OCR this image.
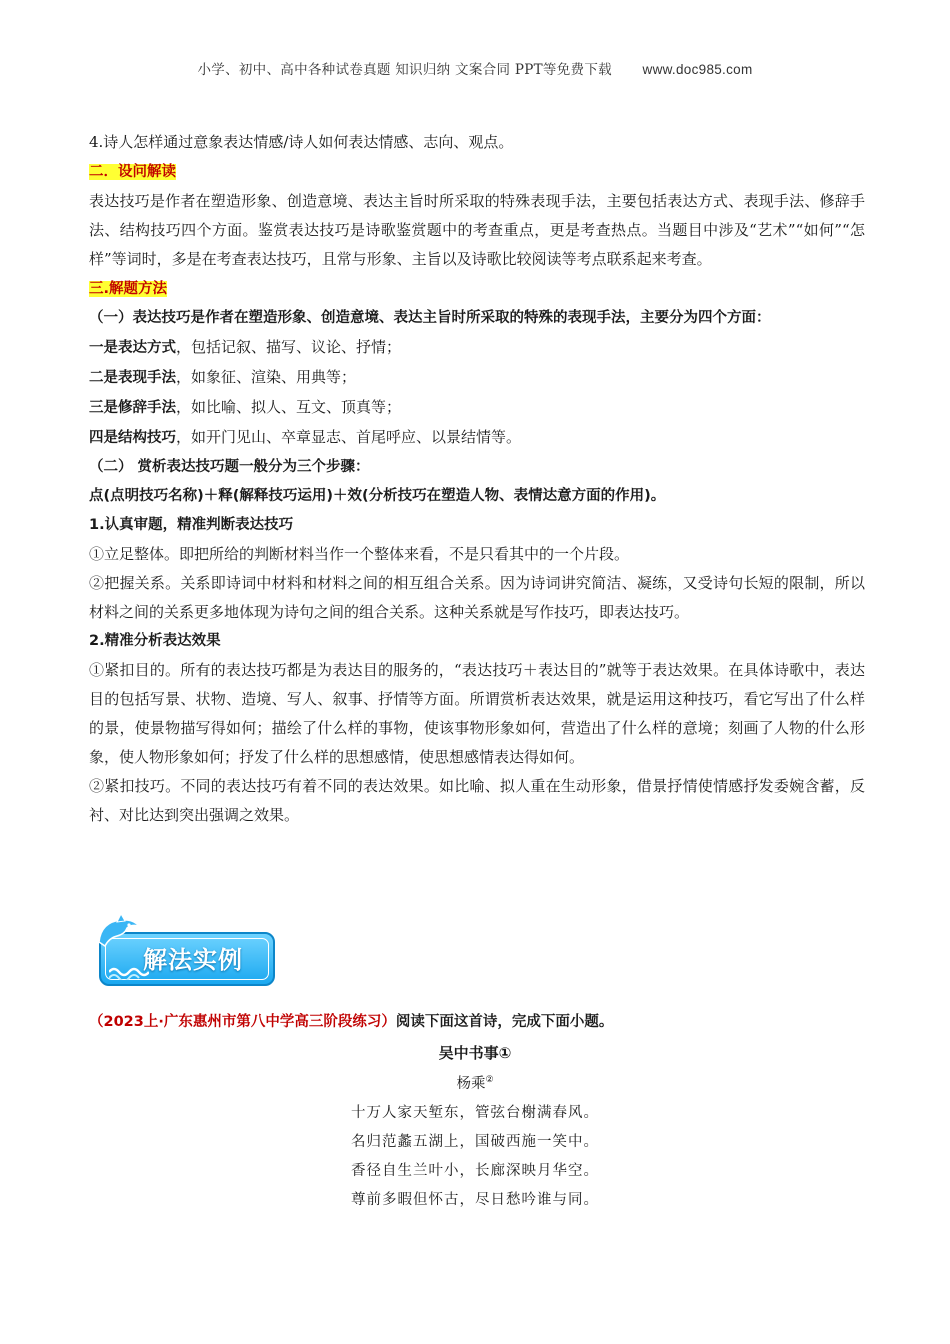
小学、初中、高中各种试卷真题 知识归纳 文案合同 PPT等免费下载 www.doc985.com

4.诗人怎样通过意象表达情感/诗人如何表达情感、志向、观点。

二．设问解读

表达技巧是作者在塑造形象、创造意境、表达主旨时所采取的特殊表现手法，主要包括表达方式、表现手法、修辞手法、结构技巧四个方面。鉴赏表达技巧是诗歌鉴赏题中的考查重点，更是考查热点。当题目中涉及“艺术”“如何”“怎样”等词时，多是在考查表达技巧，且常与形象、主旨以及诗歌比较阅读等考点联系起来考查。

三.解题方法

（一）表达技巧是作者在塑造形象、创造意境、表达主旨时所采取的特殊的表现手法，主要分为四个方面：

一是表达方式，包括记叙、描写、议论、抒情；

二是表现手法，如象征、渲染、用典等；

三是修辞手法，如比喻、拟人、互文、顶真等；

四是结构技巧，如开门见山、卒章显志、首尾呼应、以景结情等。

（二） 赏析表达技巧题一般分为三个步骤：

点(点明技巧名称)＋释(解释技巧运用)＋效(分析技巧在塑造人物、表情达意方面的作用)。

1.认真审题，精准判断表达技巧

①立足整体。即把所给的判断材料当作一个整体来看，不是只看其中的一个片段。

②把握关系。关系即诗词中材料和材料之间的相互组合关系。因为诗词讲究简洁、凝练，又受诗句长短的限制，所以材料之间的关系更多地体现为诗句之间的组合关系。这种关系就是写作技巧，即表达技巧。

2.精准分析表达效果

①紧扣目的。所有的表达技巧都是为表达目的服务的，“表达技巧＋表达目的”就等于表达效果。在具体诗歌中，表达目的包括写景、状物、造境、写人、叙事、抒情等方面。所谓赏析表达效果，就是运用这种技巧，看它写出了什么样的景，使景物描写得如何；描绘了什么样的事物，使该事物形象如何，营造出了什么样的意境；刻画了人物的什么形象，使人物形象如何；抒发了什么样的思想感情，使思想感情表达得如何。

②紧扣技巧。不同的表达技巧有着不同的表达效果。如比喻、拟人重在生动形象，借景抒情使情感抒发委婉含蓄，反衬、对比达到突出强调之效果。

解法实例
（2023上·广东惠州市第八中学高三阶段练习）阅读下面这首诗，完成下面小题。
吴中书事①
杨乘②
十万人家天堑东，管弦台榭满春风。
名归范蠡五湖上，国破西施一笑中。
香径自生兰叶小，长廊深映月华空。
尊前多暇但怀古，尽日愁吟谁与同。
